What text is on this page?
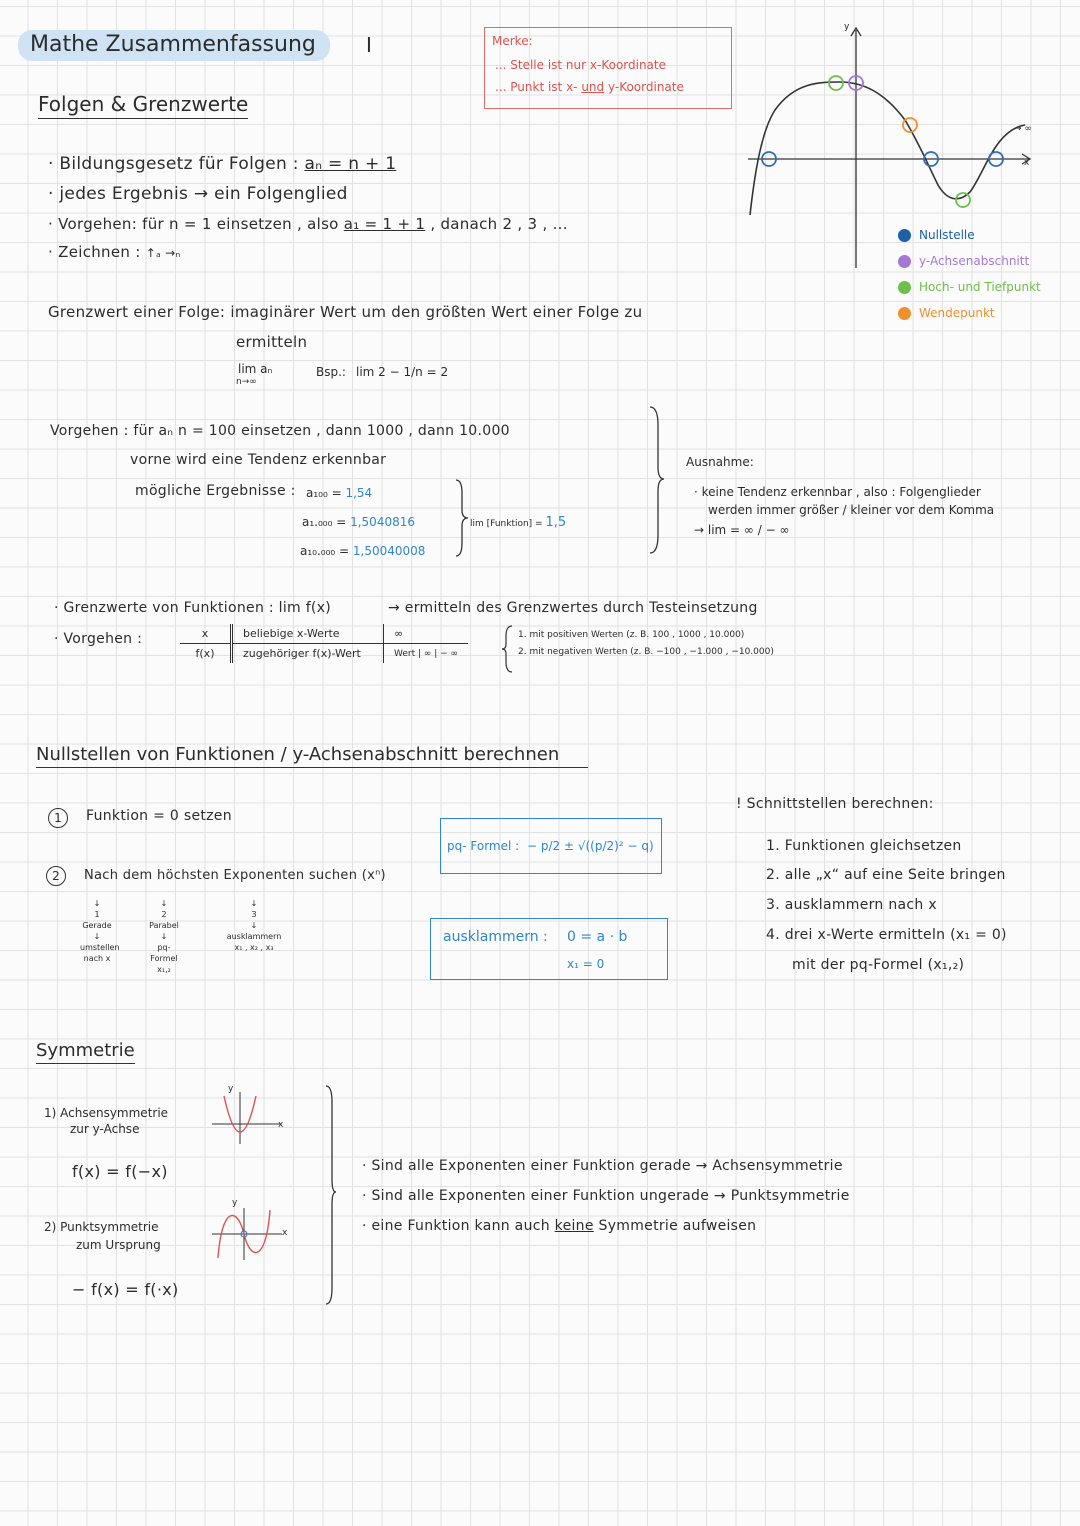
Mathe Zusammenfassung	I	Merke:
... Stelle ist nur x-Koordinate
... Punkt ist x- und y-Koordinate
y
x
→ ∞
Nullstelle
y-Achsenabschnitt
Hoch- und Tiefpunkt
Wendepunkt
Folgen & Grenzwerte
· Bildungsgesetz für Folgen : aₙ = n + 1
· jedes Ergebnis → ein Folgenglied
· Vorgehen: für n = 1 einsetzen , also a₁ = 1 + 1 , danach 2 , 3 , ...
· Zeichnen : ↑ₐ →ₙ
Grenzwert einer Folge: imaginärer Wert um den größten Wert einer Folge zu
ermitteln
lim aₙ
n→∞
Bsp.: lim 2 − 1/n = 2
Vorgehen : für aₙ n = 100 einsetzen , dann 1000 , dann 10.000
vorne wird eine Tendenz erkennbar
mögliche Ergebnisse : a₁₀₀ = 1,54
a₁.₀₀₀ = 1,5040816
a₁₀.₀₀₀ = 1,50040008
lim [Funktion] = 1,5
Ausnahme:
· keine Tendenz erkennbar , also : Folgenglieder
werden immer größer / kleiner vor dem Komma
→ lim = ∞ / − ∞
· Grenzwerte von Funktionen : lim f(x)	→ ermitteln des Grenzwertes durch Testeinsetzung
· Vorgehen :	x	beliebige x-Werte	∞
f(x)	zugehöriger f(x)-Wert	Wert | ∞ | − ∞
1. mit positiven Werten (z. B. 100 , 1000 , 10.000)
2. mit negativen Werten (z. B. −100 , −1.000 , −10.000)
Nullstellen von Funktionen / y-Achsenabschnitt berechnen
1	Funktion = 0 setzen
2	Nach dem höchsten Exponenten suchen (xⁿ)
↓
1
Gerade
↓
umstellen nach x
↓
2
Parabel
↓
pq-Formel x₁,₂
↓
3
↓
ausklammern
x₁ , x₂ , x₃
pq- Formel : − p/2 ± √((p/2)² − q)
ausklammern : 0 = a · b
x₁ = 0
! Schnittstellen berechnen:
1. Funktionen gleichsetzen
2. alle „x“ auf eine Seite bringen
3. ausklammern nach x
4. drei x-Werte ermitteln (x₁ = 0)
mit der pq-Formel (x₁,₂)
Symmetrie
1) Achsensymmetrie
zur y-Achse
f(x) = f(−x)
y
x
2) Punktsymmetrie
zum Ursprung
− f(x) = f(·x)
y
x
· Sind alle Exponenten einer Funktion gerade → Achsensymmetrie
· Sind alle Exponenten einer Funktion ungerade → Punktsymmetrie
· eine Funktion kann auch keine Symmetrie aufweisen
